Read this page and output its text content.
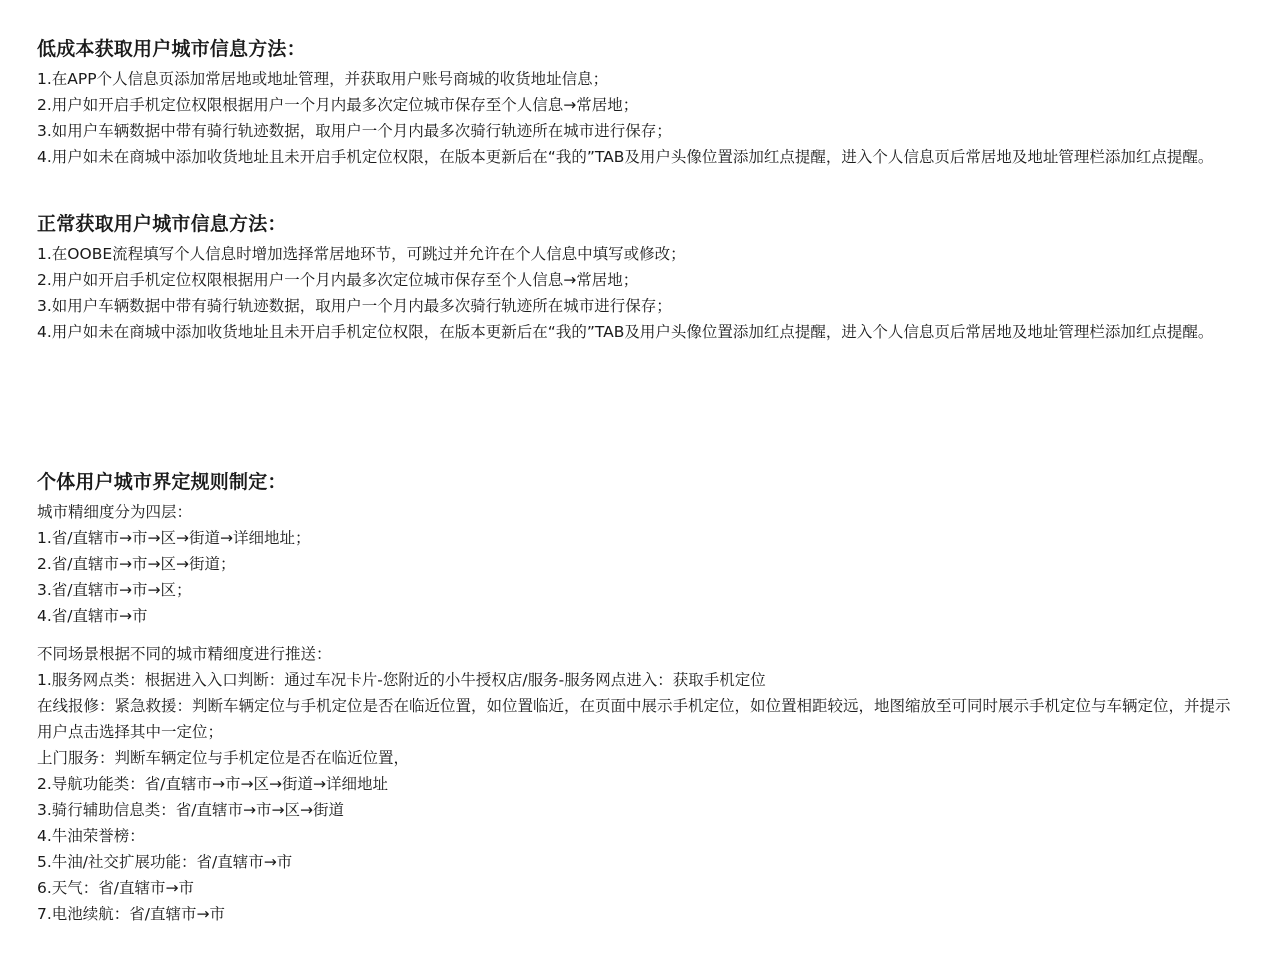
低成本获取用户城市信息方法：
1.在APP个人信息页添加常居地或地址管理，并获取用户账号商城的收货地址信息；
2.用户如开启手机定位权限根据用户一个月内最多次定位城市保存至个人信息→常居地；
3.如用户车辆数据中带有骑行轨迹数据，取用户一个月内最多次骑行轨迹所在城市进行保存；
4.用户如未在商城中添加收货地址且未开启手机定位权限，在版本更新后在“我的”TAB及用户头像位置添加红点提醒，进入个人信息页后常居地及地址管理栏添加红点提醒。
正常获取用户城市信息方法：
1.在OOBE流程填写个人信息时增加选择常居地环节，可跳过并允许在个人信息中填写或修改；
2.用户如开启手机定位权限根据用户一个月内最多次定位城市保存至个人信息→常居地；
3.如用户车辆数据中带有骑行轨迹数据，取用户一个月内最多次骑行轨迹所在城市进行保存；
4.用户如未在商城中添加收货地址且未开启手机定位权限，在版本更新后在“我的”TAB及用户头像位置添加红点提醒，进入个人信息页后常居地及地址管理栏添加红点提醒。
个体用户城市界定规则制定：
城市精细度分为四层：
1.省/直辖市→市→区→街道→详细地址；
2.省/直辖市→市→区→街道；
3.省/直辖市→市→区；
4.省/直辖市→市
不同场景根据不同的城市精细度进行推送：
1.服务网点类：根据进入入口判断：通过车况卡片-您附近的小牛授权店/服务-服务网点进入：获取手机定位
在线报修：紧急救援：判断车辆定位与手机定位是否在临近位置，如位置临近，在页面中展示手机定位，如位置相距较远，地图缩放至可同时展示手机定位与车辆定位，并提示用户点击选择其中一定位；
上门服务：判断车辆定位与手机定位是否在临近位置，
2.导航功能类：省/直辖市→市→区→街道→详细地址
3.骑行辅助信息类：省/直辖市→市→区→街道
4.牛油荣誉榜：
5.牛油/社交扩展功能：省/直辖市→市
6.天气：省/直辖市→市
7.电池续航：省/直辖市→市
